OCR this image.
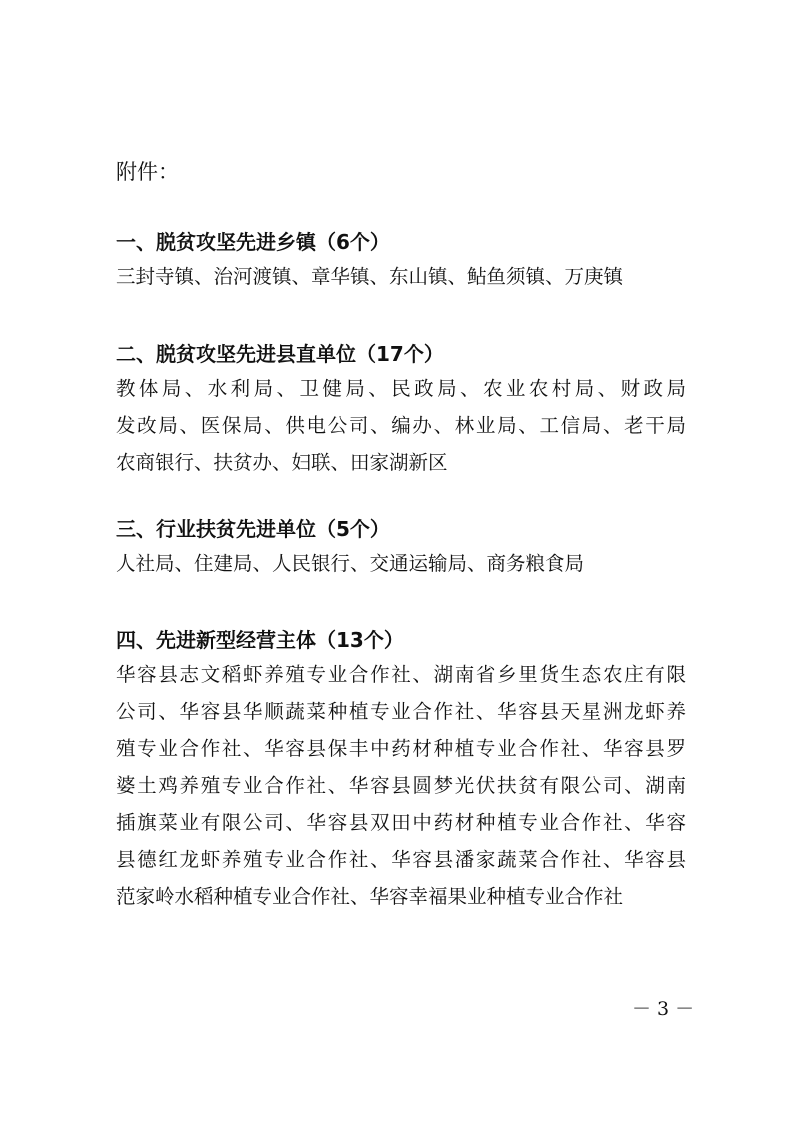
附件：
一、脱贫攻坚先进乡镇（6个）
三封寺镇、治河渡镇、章华镇、东山镇、鲇鱼须镇、万庚镇
二、脱贫攻坚先进县直单位（17个）
教体局、水利局、卫健局、民政局、农业农村局、财政局
发改局、医保局、供电公司、编办、林业局、工信局、老干局
农商银行、扶贫办、妇联、田家湖新区
三、行业扶贫先进单位（5个）
人社局、住建局、人民银行、交通运输局、商务粮食局
四、先进新型经营主体（13个）
华容县志文稻虾养殖专业合作社、湖南省乡里货生态农庄有限
公司、华容县华顺蔬菜种植专业合作社、华容县天星洲龙虾养
殖专业合作社、华容县保丰中药材种植专业合作社、华容县罗
婆土鸡养殖专业合作社、华容县圆梦光伏扶贫有限公司、湖南
插旗菜业有限公司、华容县双田中药材种植专业合作社、华容
县德红龙虾养殖专业合作社、华容县潘家蔬菜合作社、华容县
范家岭水稻种植专业合作社、华容幸福果业种植专业合作社
－ 3 －
